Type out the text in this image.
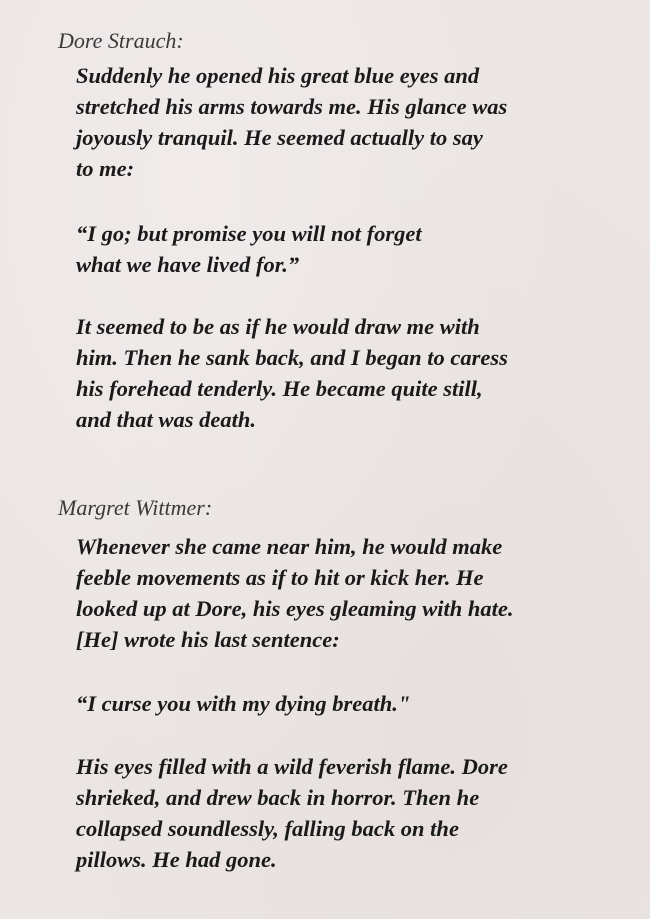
Dore Strauch:

Suddenly he opened his great blue eyes and
stretched his arms towards me. His glance was
joyously tranquil. He seemed actually to say
to me:

“I go; but promise you will not forget
what we have lived for.”

It seemed to be as if he would draw me with
him. Then he sank back, and I began to caress
his forehead tenderly. He became quite still,
and that was death.

Margret Wittmer:

Whenever she came near him, he would make
feeble movements as if to hit or kick her. He
looked up at Dore, his eyes gleaming with hate.
[He] wrote his last sentence:

“I curse you with my dying breath."

His eyes filled with a wild feverish flame. Dore
shrieked, and drew back in horror. Then he
collapsed soundlessly, falling back on the
pillows. He had gone.
